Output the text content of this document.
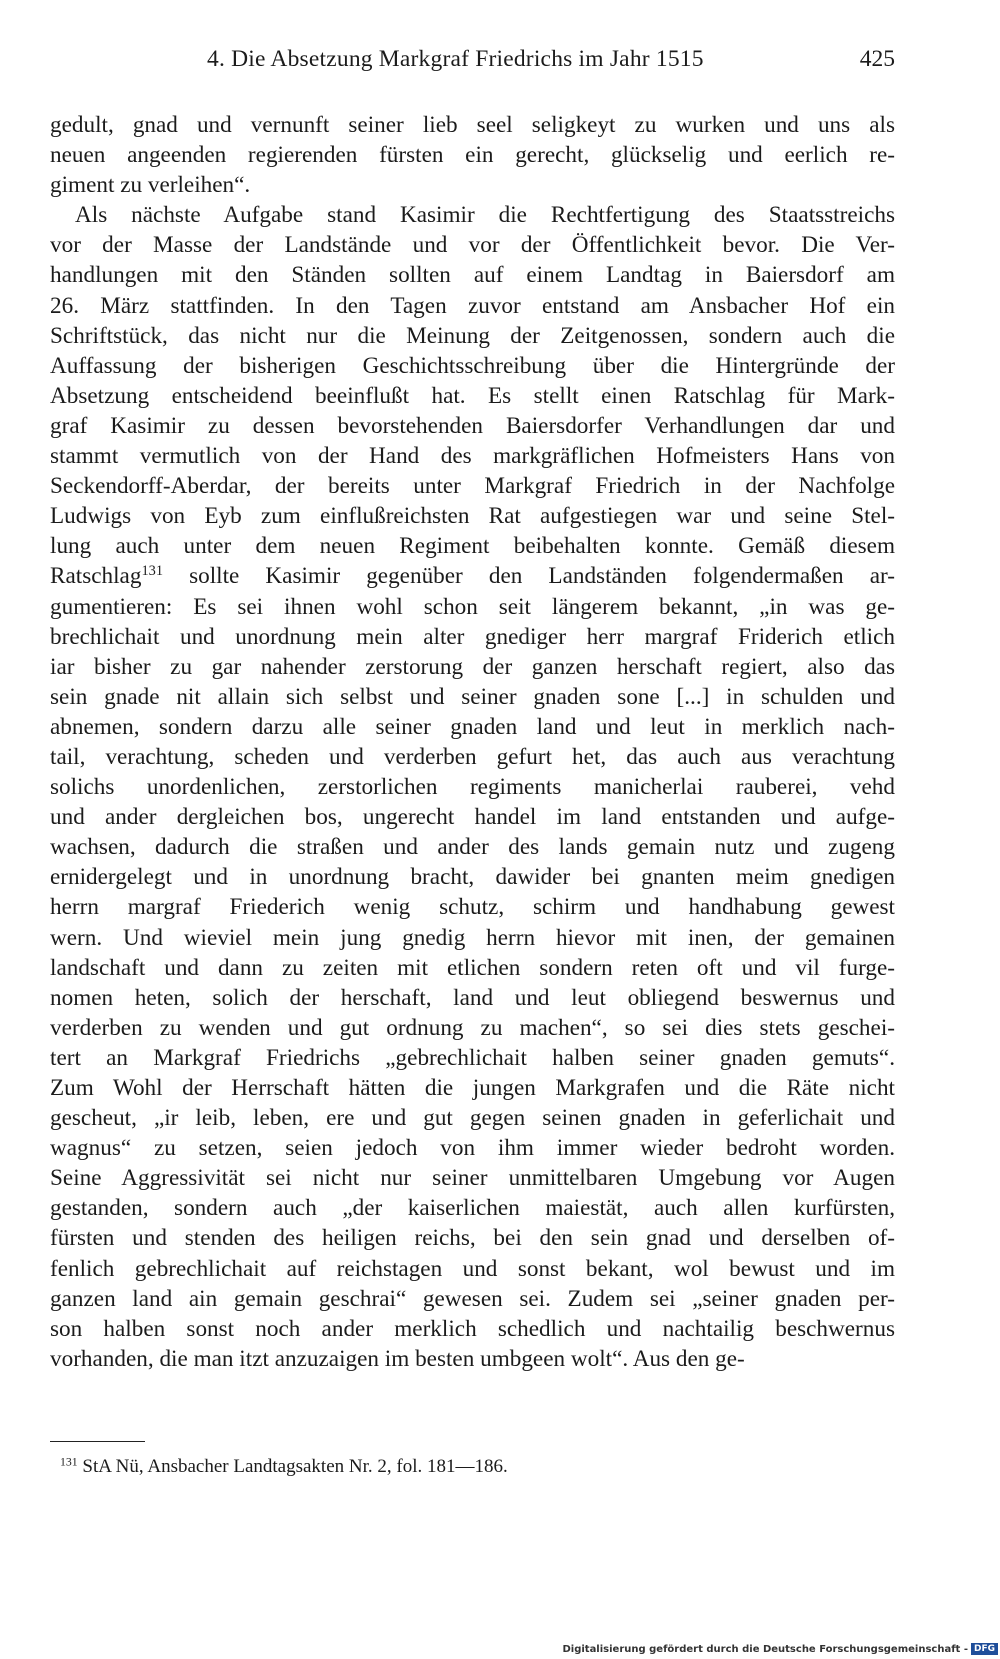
4. Die Absetzung Markgraf Friedrichs im Jahr 1515	425
gedult, gnad und vernunft seiner lieb seel seligkeyt zu wurken und uns als
neuen angeenden regierenden fürsten ein gerecht, glückselig und eerlich re-
giment zu verleihen“.
Als nächste Aufgabe stand Kasimir die Rechtfertigung des Staatsstreichs
vor der Masse der Landstände und vor der Öffentlichkeit bevor. Die Ver-
handlungen mit den Ständen sollten auf einem Landtag in Baiersdorf am
26. März stattfinden. In den Tagen zuvor entstand am Ansbacher Hof ein
Schriftstück, das nicht nur die Meinung der Zeitgenossen, sondern auch die
Auffassung der bisherigen Geschichtsschreibung über die Hintergründe der
Absetzung entscheidend beeinflußt hat. Es stellt einen Ratschlag für Mark-
graf Kasimir zu dessen bevorstehenden Baiersdorfer Verhandlungen dar und
stammt vermutlich von der Hand des markgräflichen Hofmeisters Hans von
Seckendorff-Aberdar, der bereits unter Markgraf Friedrich in der Nachfolge
Ludwigs von Eyb zum einflußreichsten Rat aufgestiegen war und seine Stel-
lung auch unter dem neuen Regiment beibehalten konnte. Gemäß diesem
Ratschlag$^{131}$ sollte Kasimir gegenüber den Landständen folgendermaßen ar-
gumentieren: Es sei ihnen wohl schon seit längerem bekannt, „in was ge-
brechlichait und unordnung mein alter gnediger herr margraf Friderich etlich
iar bisher zu gar nahender zerstorung der ganzen herschaft regiert, also das
sein gnade nit allain sich selbst und seiner gnaden sone [...] in schulden und
abnemen, sondern darzu alle seiner gnaden land und leut in merklich nach-
tail, verachtung, scheden und verderben gefurt het, das auch aus verachtung
solichs unordenlichen, zerstorlichen regiments manicherlai rauberei, vehd
und ander dergleichen bos, ungerecht handel im land entstanden und aufge-
wachsen, dadurch die straßen und ander des lands gemain nutz und zugeng
ernidergelegt und in unordnung bracht, dawider bei gnanten meim gnedigen
herrn margraf Friederich wenig schutz, schirm und handhabung gewest
wern. Und wieviel mein jung gnedig herrn hievor mit inen, der gemainen
landschaft und dann zu zeiten mit etlichen sondern reten oft und vil furge-
nomen heten, solich der herschaft, land und leut obliegend beswernus und
verderben zu wenden und gut ordnung zu machen“, so sei dies stets geschei-
tert an Markgraf Friedrichs „gebrechlichait halben seiner gnaden gemuts“.
Zum Wohl der Herrschaft hätten die jungen Markgrafen und die Räte nicht
gescheut, „ir leib, leben, ere und gut gegen seinen gnaden in geferlichait und
wagnus“ zu setzen, seien jedoch von ihm immer wieder bedroht worden.
Seine Aggressivität sei nicht nur seiner unmittelbaren Umgebung vor Augen
gestanden, sondern auch „der kaiserlichen maiestät, auch allen kurfürsten,
fürsten und stenden des heiligen reichs, bei den sein gnad und derselben of-
fenlich gebrechlichait auf reichstagen und sonst bekant, wol bewust und im
ganzen land ain gemain geschrai“ gewesen sei. Zudem sei „seiner gnaden per-
son halben sonst noch ander merklich schedlich und nachtailig beschwernus
vorhanden, die man itzt anzuzaigen im besten umbgeen wolt“. Aus den ge-
$^{131}$ StA Nü, Ansbacher Landtagsakten Nr. 2, fol. 181—186.
Digitalisierung gefördert durch die Deutsche Forschungsgemeinschaft - DFG
